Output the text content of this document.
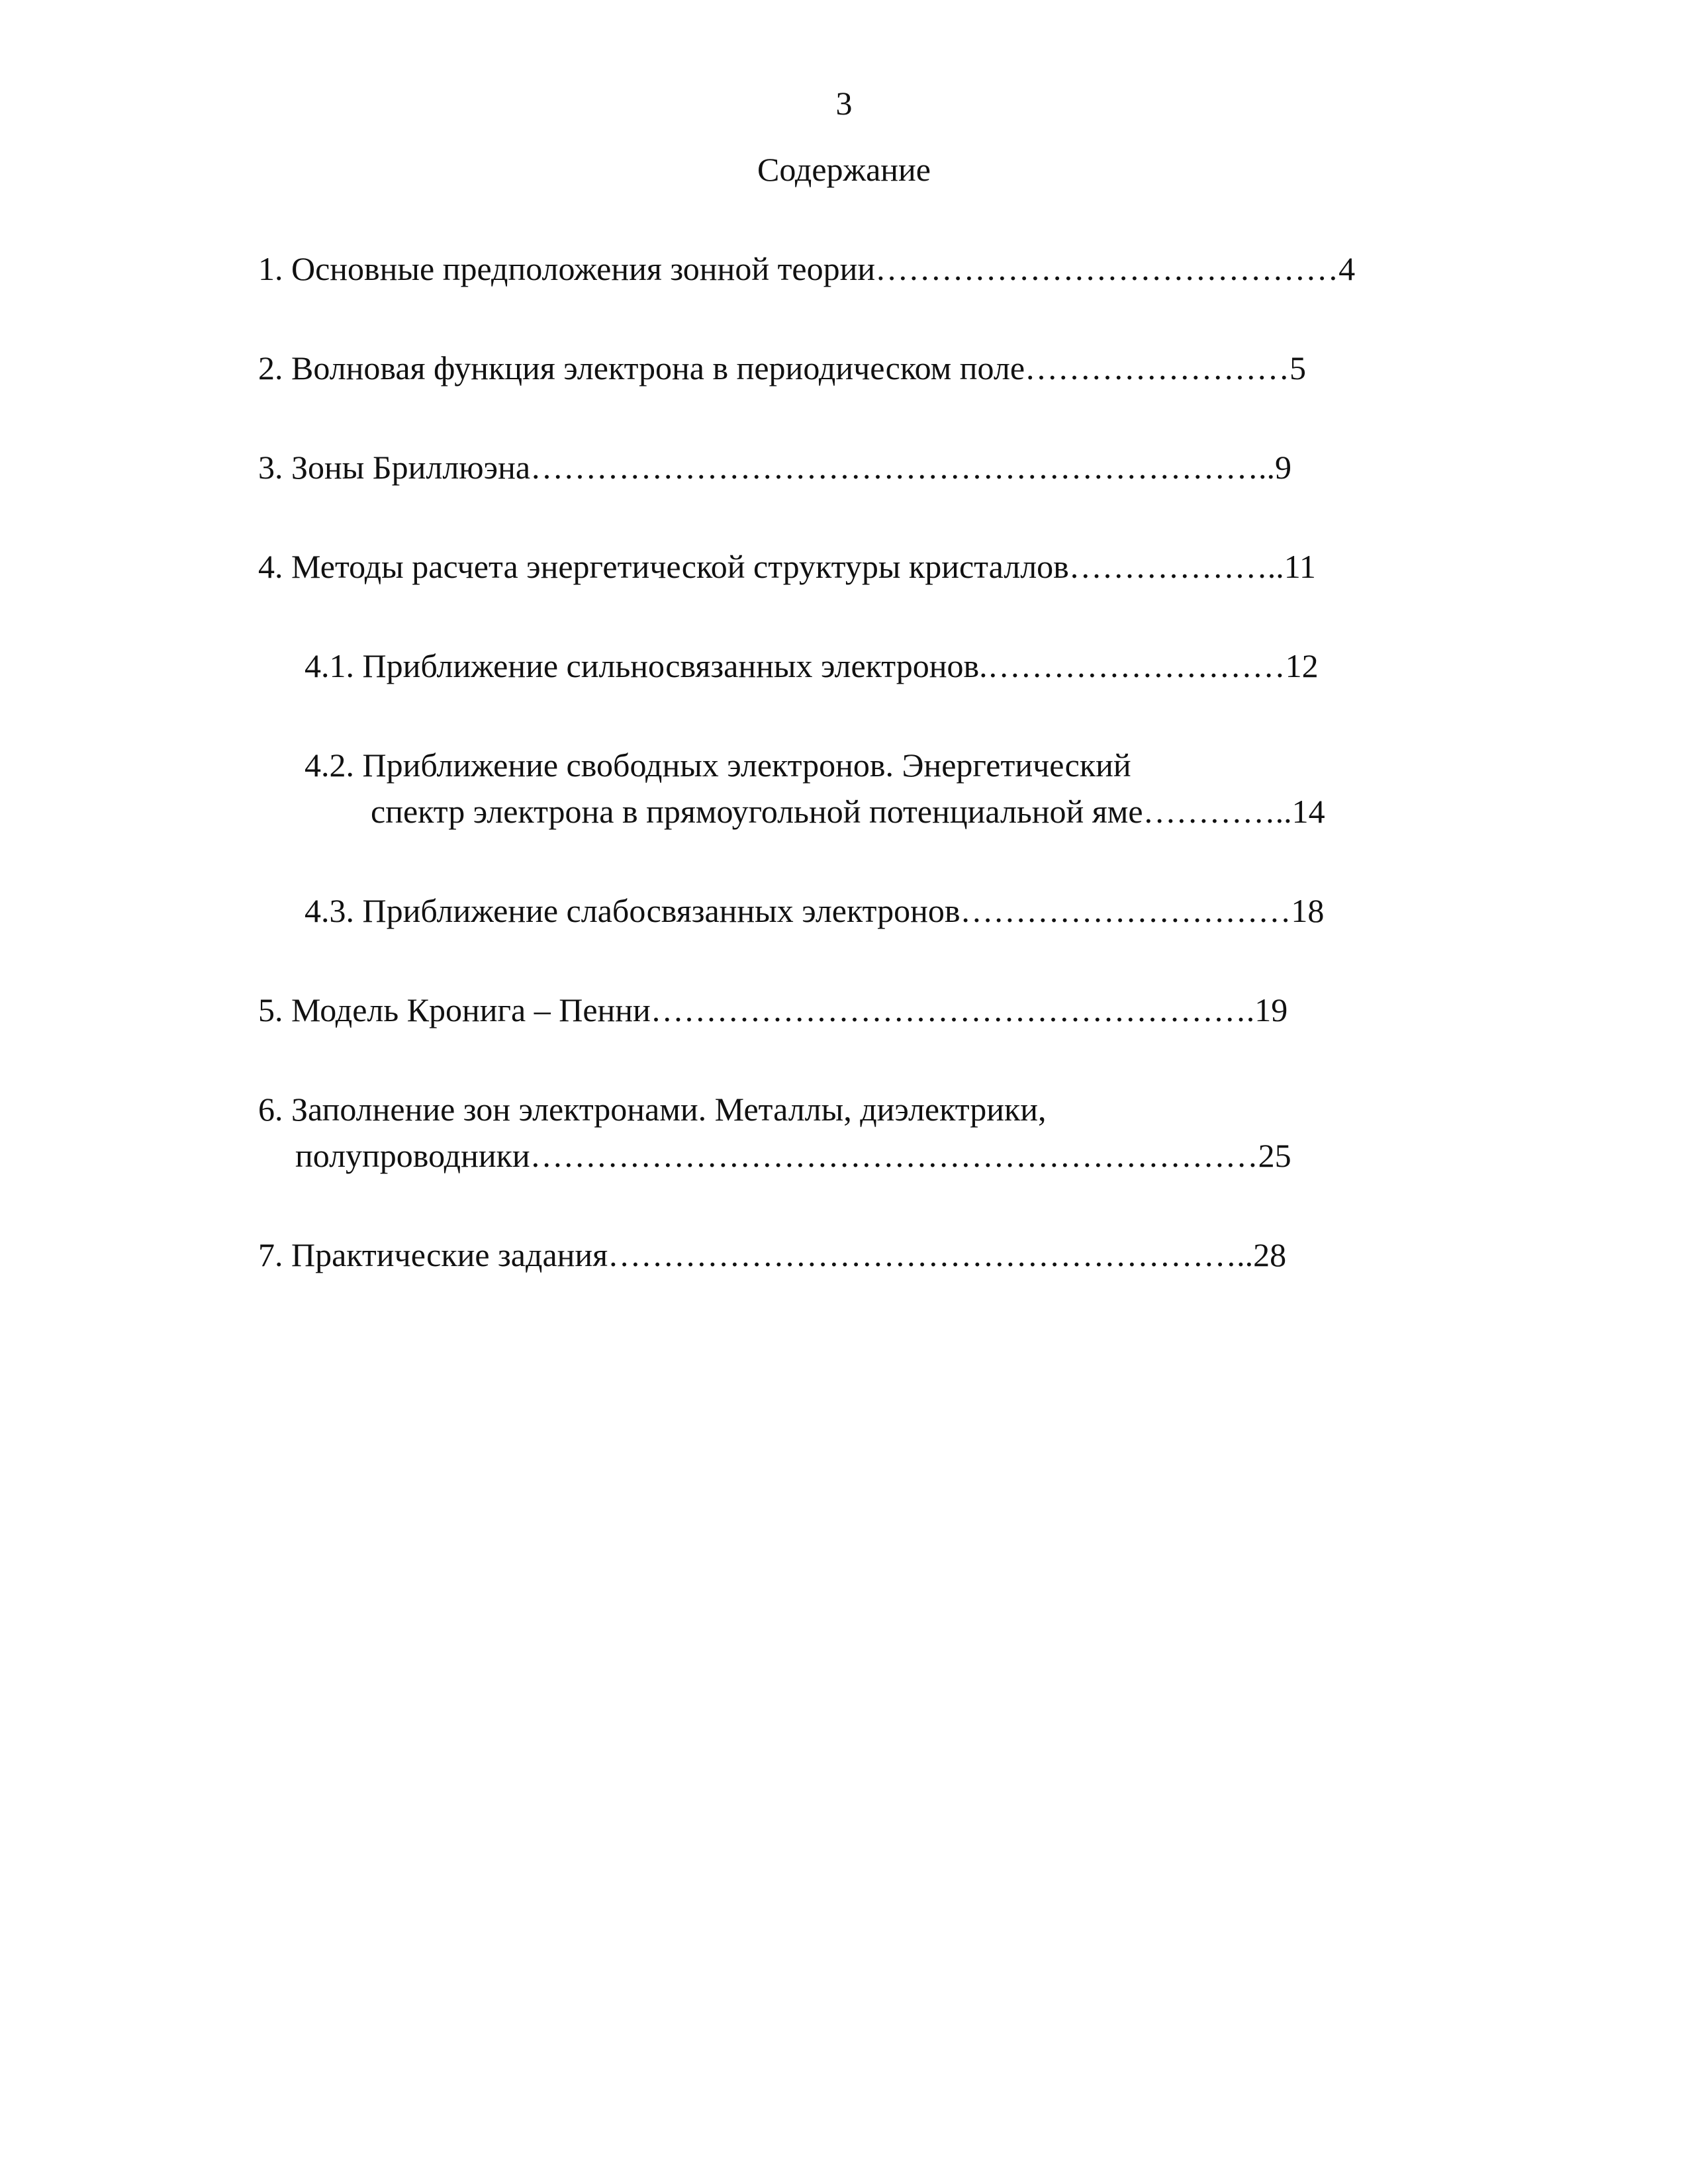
3
Содержание
1. Основные предположения зонной теории……………………………………4
2. Волновая функция электрона в периодическом поле……………………5
3. Зоны Бриллюэна…………………………………………………………..9
4. Методы расчета энергетической структуры кристаллов………………..11
4.1. Приближение сильносвязанных электронов.………………………12
4.2. Приближение свободных электронов. Энергетический
спектр электрона в прямоугольной потенциальной яме…………..14
4.3. Приближение слабосвязанных электронов…………………………18
5. Модель Кронига – Пенни……………………………………………….19
6. Заполнение зон электронами. Металлы, диэлектрики,
полупроводники…………………………………………………………25
7. Практические задания…………………………………………………..28
